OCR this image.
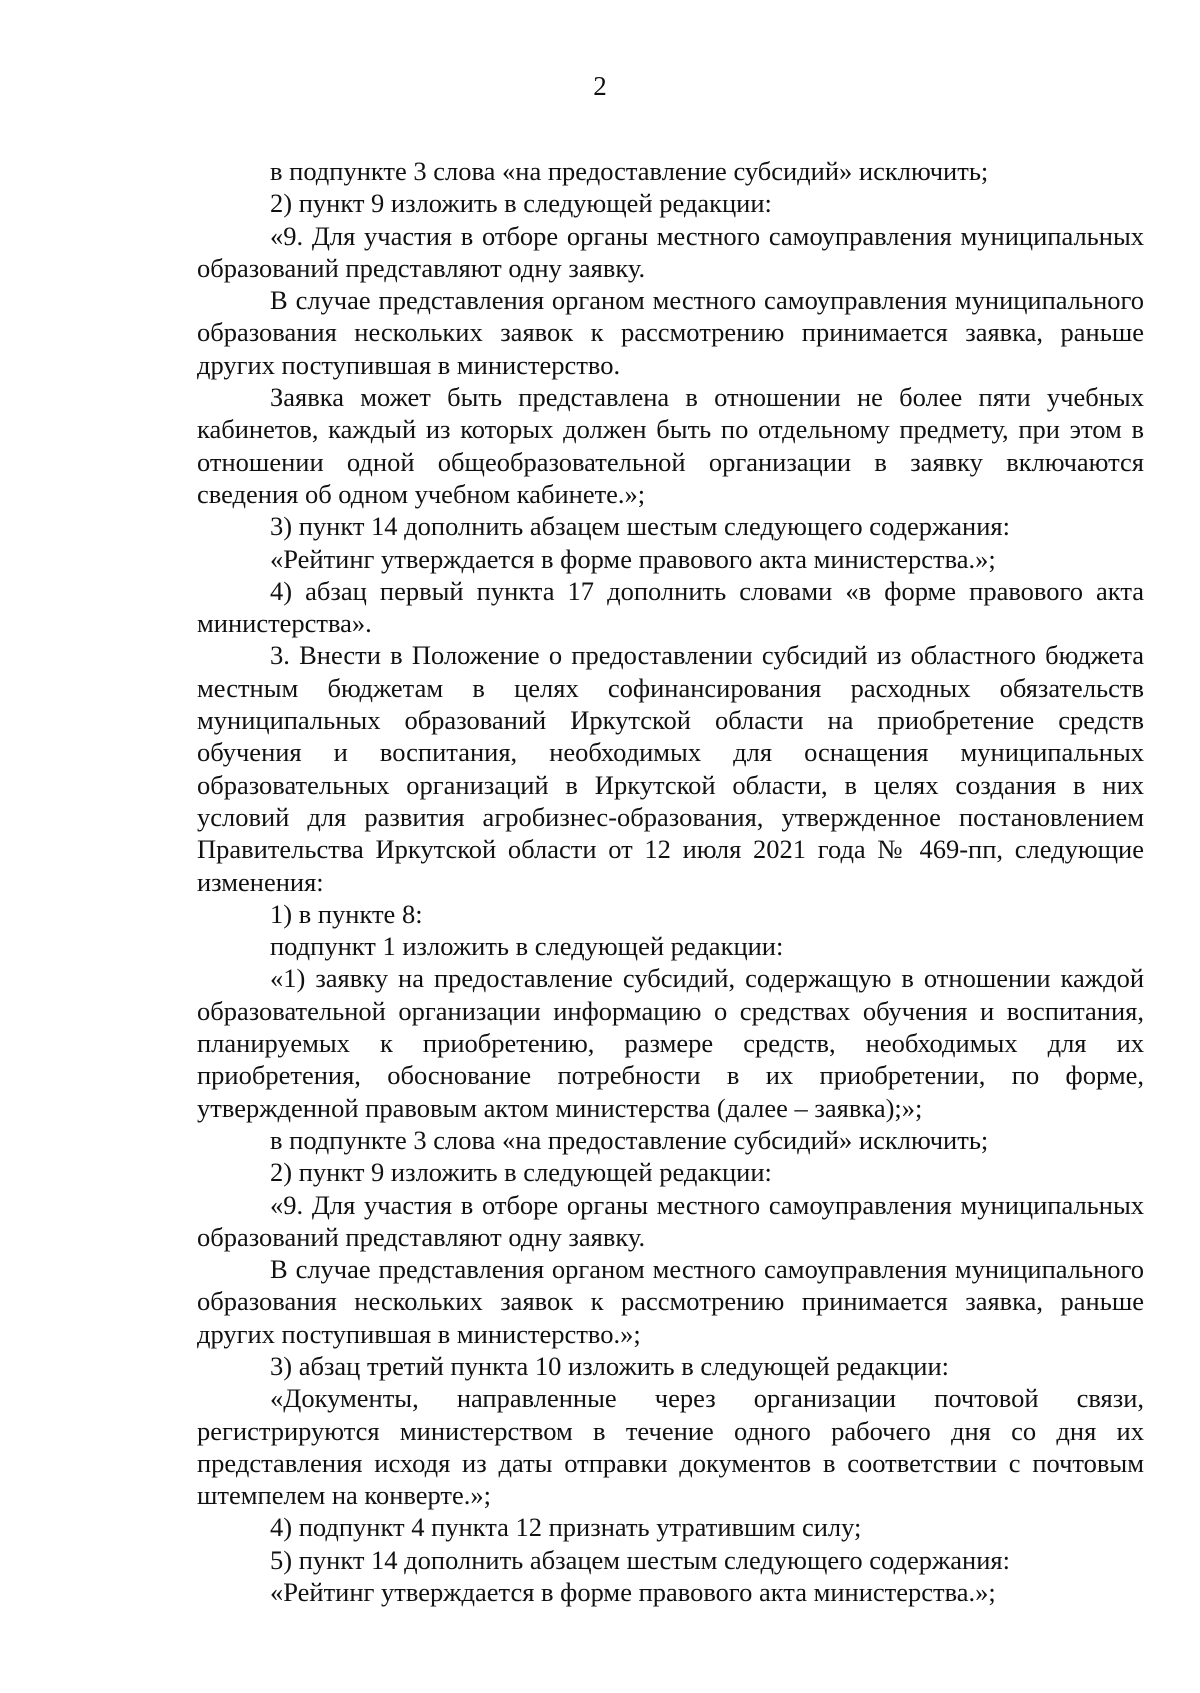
2

в подпункте 3 слова «на предоставление субсидий» исключить;

2) пункт 9 изложить в следующей редакции:

«9. Для участия в отборе органы местного самоуправления муниципальных образований представляют одну заявку.

В случае представления органом местного самоуправления муниципального образования нескольких заявок к рассмотрению принимается заявка, раньше других поступившая в министерство.

Заявка может быть представлена в отношении не более пяти учебных кабинетов, каждый из которых должен быть по отдельному предмету, при этом в отношении одной общеобразовательной организации в заявку включаются сведения об одном учебном кабинете.»;

3) пункт 14 дополнить абзацем шестым следующего содержания:

«Рейтинг утверждается в форме правового акта министерства.»;

4) абзац первый пункта 17 дополнить словами «в форме правового акта министерства».

3. Внести в Положение о предоставлении субсидий из областного бюджета местным бюджетам в целях софинансирования расходных обязательств муниципальных образований Иркутской области на приобретение средств обучения и воспитания, необходимых для оснащения муниципальных образовательных организаций в Иркутской области, в целях создания в них условий для развития агробизнес-образования, утвержденное постановлением Правительства Иркутской области от 12 июля 2021 года № 469-пп, следующие изменения:

1) в пункте 8:

подпункт 1 изложить в следующей редакции:

«1) заявку на предоставление субсидий, содержащую в отношении каждой образовательной организации информацию о средствах обучения и воспитания, планируемых к приобретению, размере средств, необходимых для их приобретения, обоснование потребности в их приобретении, по форме, утвержденной правовым актом министерства (далее – заявка);»;

в подпункте 3 слова «на предоставление субсидий» исключить;

2) пункт 9 изложить в следующей редакции:

«9. Для участия в отборе органы местного самоуправления муниципальных образований представляют одну заявку.

В случае представления органом местного самоуправления муниципального образования нескольких заявок к рассмотрению принимается заявка, раньше других поступившая в министерство.»;

3) абзац третий пункта 10 изложить в следующей редакции:

«Документы, направленные через организации почтовой связи, регистрируются министерством в течение одного рабочего дня со дня их представления исходя из даты отправки документов в соответствии с почтовым штемпелем на конверте.»;

4) подпункт 4 пункта 12 признать утратившим силу;

5) пункт 14 дополнить абзацем шестым следующего содержания:

«Рейтинг утверждается в форме правового акта министерства.»;
